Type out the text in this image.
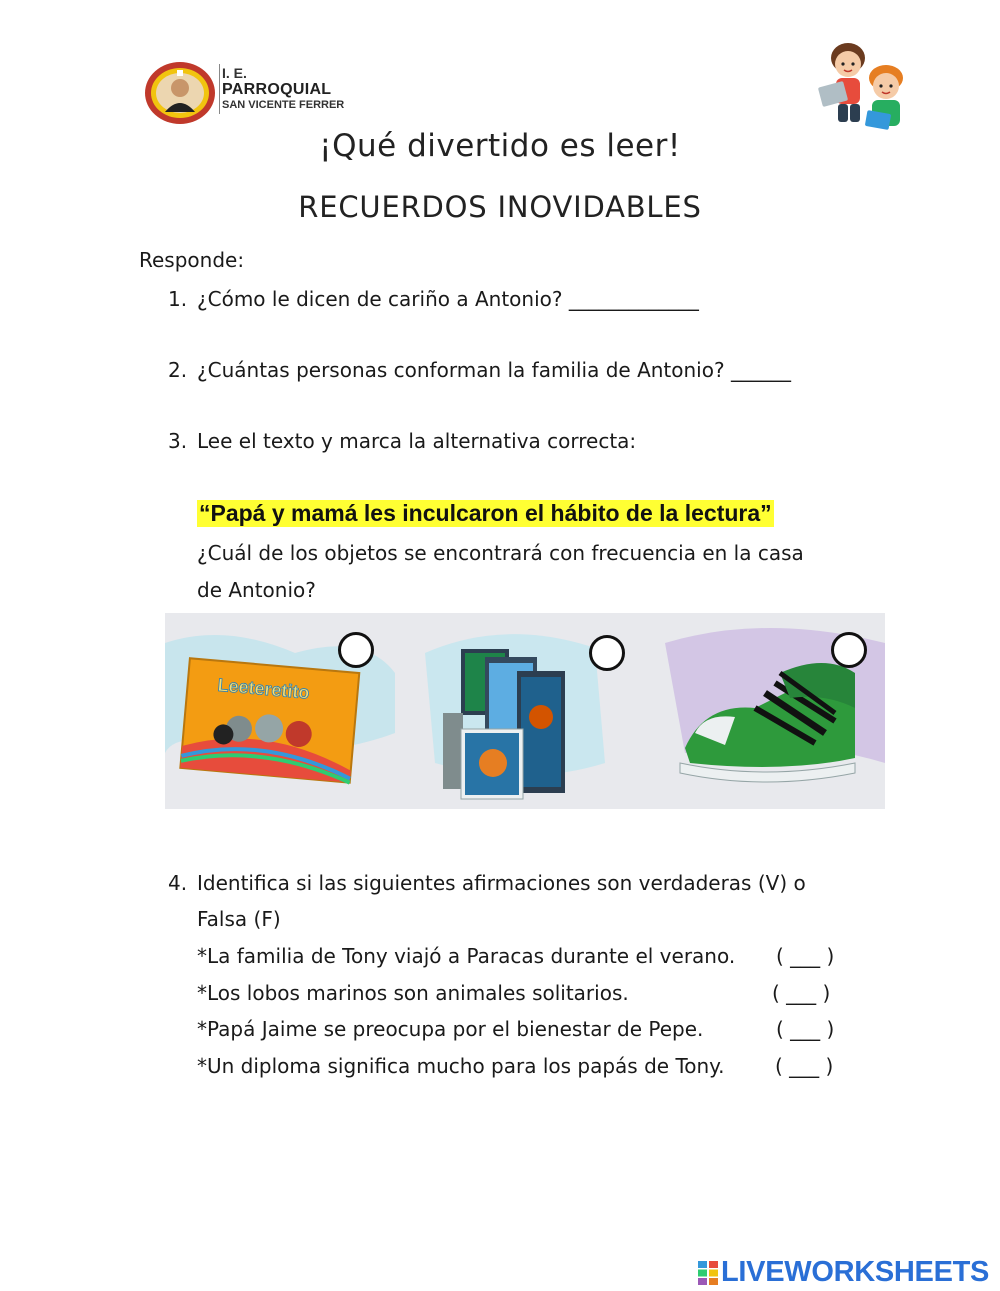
I. E.
PARROQUIAL
SAN VICENTE FERRER
¡Qué divertido es leer!
RECUERDOS INOVIDABLES
Responde:
1. ¿Cómo le dicen de cariño a Antonio? _____________
2. ¿Cuántas personas conforman la familia de Antonio? ______
3. Lee el texto y marca la alternativa correcta:
“Papá y mamá les inculcaron el hábito de la lectura”
¿Cuál de los objetos se encontrará con frecuencia en la casa
de Antonio?
Leeteretito
4. Identifica si las siguientes afirmaciones son verdaderas (V) o
Falsa (F)
*La familia de Tony viajó a Paracas durante el verano. ( ___ )
*Los lobos marinos son animales solitarios.	( ___ )
*Papá Jaime se preocupa por el bienestar de Pepe.	( ___ )
*Un diploma significa mucho para los papás de Tony.	( ___ )
LIVEWORKSHEETS
